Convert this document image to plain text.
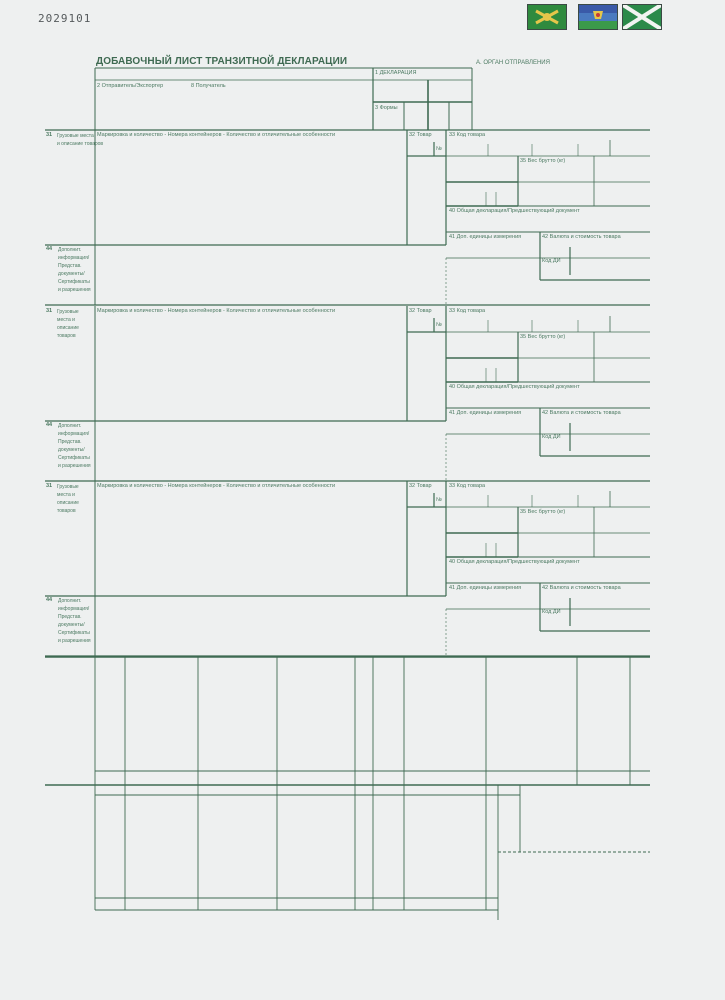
2029101
ДОБАВОЧНЫЙ ЛИСТ ТРАНЗИТНОЙ ДЕКЛАРАЦИИ	А. ОРГАН ОТПРАВЛЕНИЯ
1 ДЕКЛАРАЦИЯ
2 Отправитель/Экспортер	8 Получатель
3 Формы
31 Грузовые места
и описание товаров
Маркировка и количество - Номера контейнеров - Количество и отличительные особенности	32 Товар
№
33 Код товара
35 Вес брутто (кг)
40 Общая декларация/Предшествующий документ
41 Доп. единицы измерения	42 Валюта и стоимость товара
44 Дополнит.
информация/
Представ.
документы/
Сертификаты
и разрешения
Код ДИ
31 Грузовые
места и
описание
товаров
Маркировка и количество - Номера контейнеров - Количество и отличительные особенности	32 Товар
№
33 Код товара
35 Вес брутто (кг)
40 Общая декларация/Предшествующий документ
41 Доп. единицы измерения	42 Валюта и стоимость товара
44 Дополнит.
информация/
Представ.
документы/
Сертификаты
и разрешения
Код ДИ
31 Грузовые
места и
описание
товаров
Маркировка и количество - Номера контейнеров - Количество и отличительные особенности	32 Товар
№
33 Код товара
35 Вес брутто (кг)
40 Общая декларация/Предшествующий документ
41 Доп. единицы измерения	42 Валюта и стоимость товара
44 Дополнит.
информация/
Представ.
документы/
Сертификаты
и разрешения
Код ДИ
